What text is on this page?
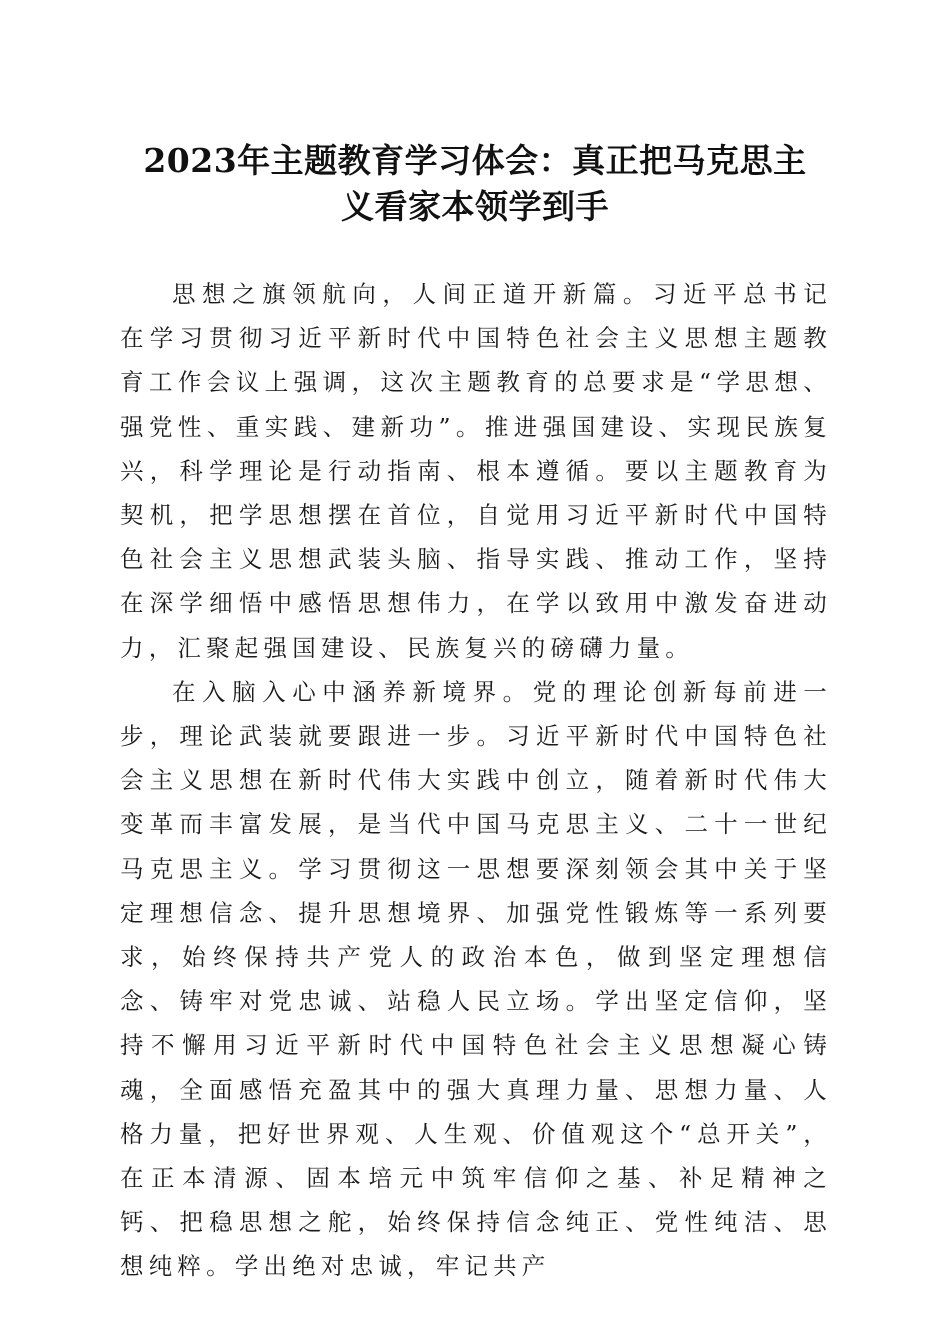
2023年主题教育学习体会：真正把马克思主
义看家本领学到手

思想之旗领航向，人间正道开新篇。习近平总书记在学习贯彻习近平新时代中国特色社会主义思想主题教育工作会议上强调，这次主题教育的总要求是“学思想、强党性、重实践、建新功”。推进强国建设、实现民族复兴，科学理论是行动指南、根本遵循。要以主题教育为契机，把学思想摆在首位，自觉用习近平新时代中国特色社会主义思想武装头脑、指导实践、推动工作，坚持在深学细悟中感悟思想伟力，在学以致用中激发奋进动力，汇聚起强国建设、民族复兴的磅礴力量。

在入脑入心中涵养新境界。党的理论创新每前进一步，理论武装就要跟进一步。习近平新时代中国特色社会主义思想在新时代伟大实践中创立，随着新时代伟大变革而丰富发展，是当代中国马克思主义、二十一世纪马克思主义。学习贯彻这一思想要深刻领会其中关于坚定理想信念、提升思想境界、加强党性锻炼等一系列要求，始终保持共产党人的政治本色，做到坚定理想信念、铸牢对党忠诚、站稳人民立场。学出坚定信仰，坚持不懈用习近平新时代中国特色社会主义思想凝心铸魂，全面感悟充盈其中的强大真理力量、思想力量、人格力量，把好世界观、人生观、价值观这个“总开关”，在正本清源、固本培元中筑牢信仰之基、补足精神之钙、把稳思想之舵，始终保持信念纯正、党性纯洁、思想纯粹。学出绝对忠诚，牢记共产
